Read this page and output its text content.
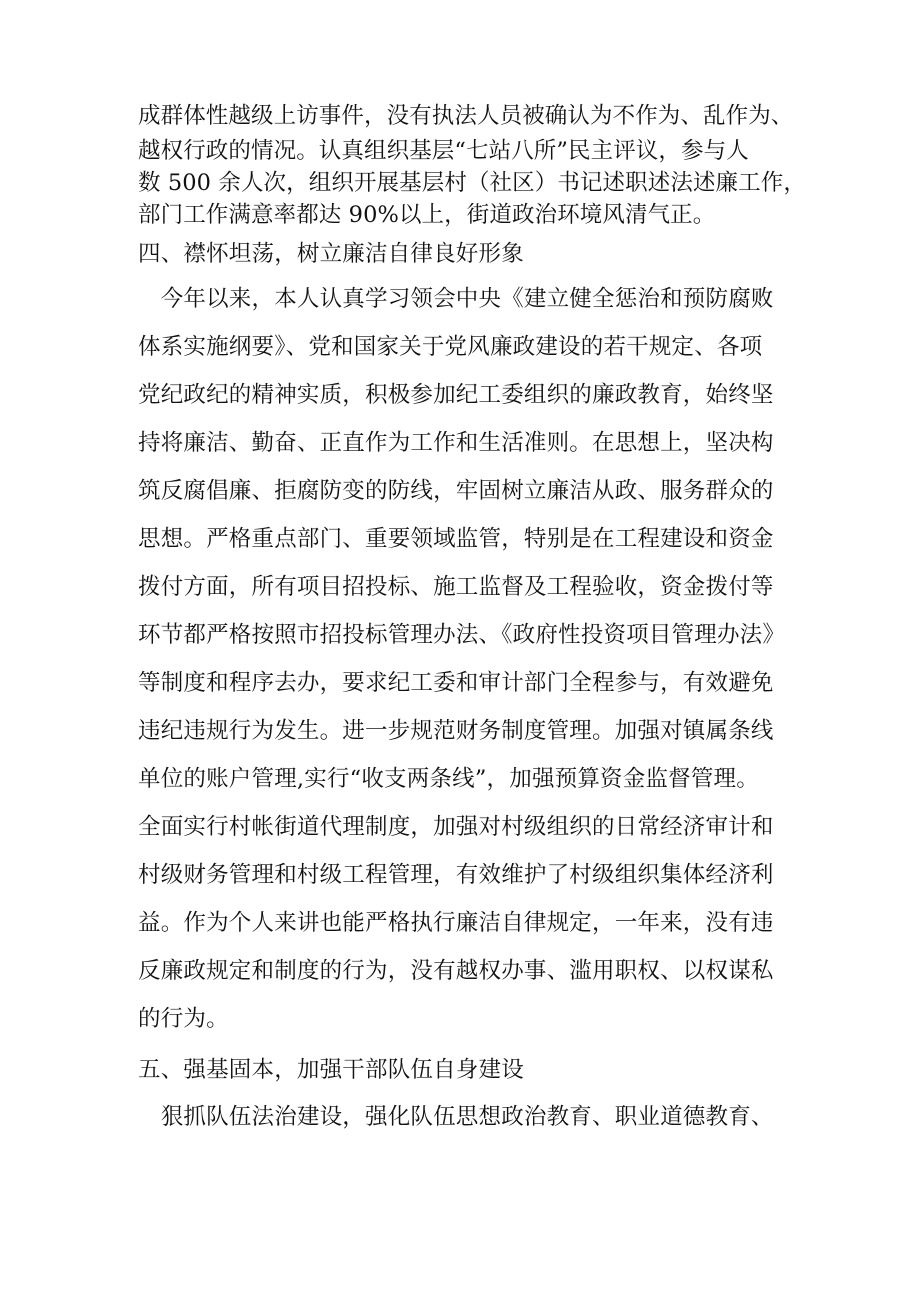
成群体性越级上访事件，没有执法人员被确认为不作为、乱作为、
越权行政的情况。认真组织基层“七站八所”民主评议，参与人
数 500 余人次，组织开展基层村（社区）书记述职述法述廉工作，
部门工作满意率都达 90%以上，街道政治环境风清气正。
四、襟怀坦荡，树立廉洁自律良好形象
　今年以来，本人认真学习领会中央《建立健全惩治和预防腐败
体系实施纲要》、党和国家关于党风廉政建设的若干规定、各项
党纪政纪的精神实质，积极参加纪工委组织的廉政教育，始终坚
持将廉洁、勤奋、正直作为工作和生活准则。在思想上，坚决构
筑反腐倡廉、拒腐防变的防线，牢固树立廉洁从政、服务群众的
思想。严格重点部门、重要领域监管，特别是在工程建设和资金
拨付方面，所有项目招投标、施工监督及工程验收，资金拨付等
环节都严格按照市招投标管理办法、《政府性投资项目管理办法》
等制度和程序去办，要求纪工委和审计部门全程参与，有效避免
违纪违规行为发生。进一步规范财务制度管理。加强对镇属条线
单位的账户管理,实行“收支两条线”，加强预算资金监督管理。
全面实行村帐街道代理制度，加强对村级组织的日常经济审计和
村级财务管理和村级工程管理，有效维护了村级组织集体经济利
益。作为个人来讲也能严格执行廉洁自律规定，一年来，没有违
反廉政规定和制度的行为，没有越权办事、滥用职权、以权谋私
的行为。
五、强基固本，加强干部队伍自身建设
　狠抓队伍法治建设，强化队伍思想政治教育、职业道德教育、
